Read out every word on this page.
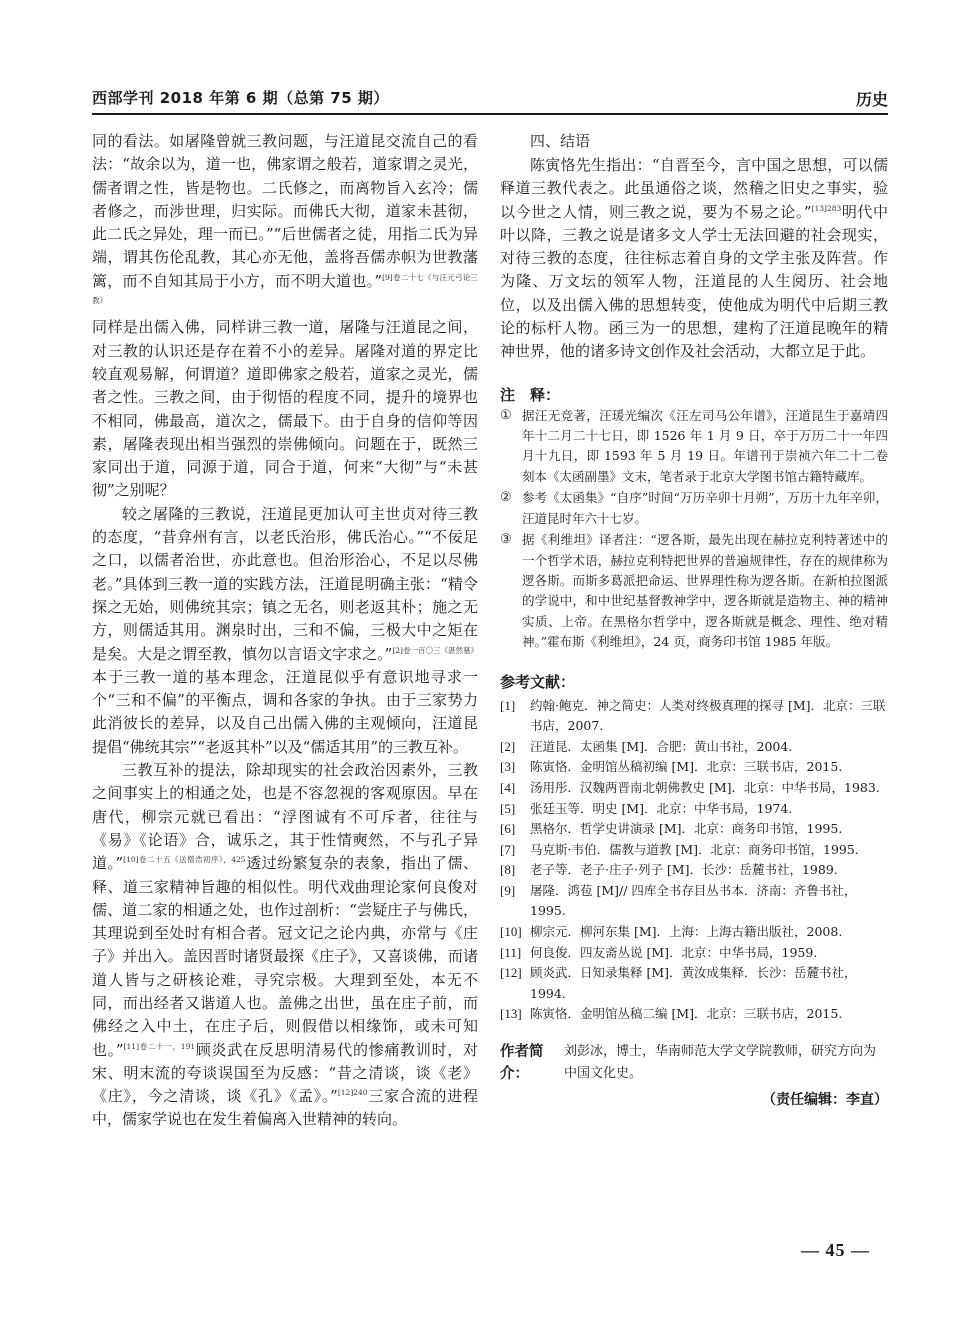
西部学刊 2018 年第 6 期（总第 75 期）	历史

同的看法。如屠隆曾就三教问题，与汪道昆交流自己的看法：“故余以为，道一也，佛家谓之般若，道家谓之灵光，儒者谓之性，皆是物也。二氏修之，而离物旨入玄冷；儒者修之，而涉世理，归实际。而佛氏大彻，道家未甚彻，此二氏之异处，理一而已。”“后世儒者之徒，用指二氏为异端，谓其伤伦乱教，其心亦无他，盖将吾儒赤帜为世教藩篱，而不自知其局于小方，而不明大道也。”$^{[9]卷二十七《与汪元弓论三教》}$

同样是出儒入佛，同样讲三教一道，屠隆与汪道昆之间，对三教的认识还是存在着不小的差异。屠隆对道的界定比较直观易解，何谓道？道即佛家之般若，道家之灵光，儒者之性。三教之间，由于彻悟的程度不同，提升的境界也不相同，佛最高，道次之，儒最下。由于自身的信仰等因素，屠隆表现出相当强烈的崇佛倾向。问题在于，既然三家同出于道，同源于道，同合于道，何来“大彻”与“未甚彻”之别呢？

较之屠隆的三教说，汪道昆更加认可主世贞对待三教的态度，“昔弇州有言，以老氏治形，佛氏治心。”“不佞足之口，以儒者治世，亦此意也。但治形治心，不足以尽佛老。”具体到三教一道的实践方法，汪道昆明确主张：“精令探之无始，则佛统其宗；镇之无名，则老返其朴；施之无方，则儒适其用。渊泉时出，三和不偏，三极大中之矩在是矣。大是之谓至教，慎勿以言语文字求之。”$^{[2]卷一百〇三《湛然墓》}$本于三教一道的基本理念，汪道昆似乎有意识地寻求一个“三和不偏”的平衡点，调和各家的争执。由于三家势力此消彼长的差异，以及自己出儒入佛的主观倾向，汪道昆提倡“佛统其宗”“老返其朴”以及“儒适其用”的三教互补。

三教互补的提法，除却现实的社会政治因素外，三教之间事实上的相通之处，也是不容忽视的客观原因。早在唐代，柳宗元就已看出：“浮图诚有不可斥者，往往与《易》《论语》合，诚乐之，其于性情奭然，不与孔子异道。”$^{[10]卷二十五《送僧浩初序》,425}$透过纷繁复杂的表象，指出了儒、释、道三家精神旨趣的相似性。明代戏曲理论家何良俊对儒、道二家的相通之处，也作过剖析：“尝疑庄子与佛氏，其理说到至处时有相合者。冠文记之论内典，亦常与《庄子》并出入。盖因晋时诸贤最探《庄子》，又喜谈佛，而诸道人皆与之研核论难，寻究宗极。大理到至处，本无不同，而出经者又谐道人也。盖佛之出世，虽在庄子前，而佛经之入中土，在庄子后，则假借以相缘饰，或未可知也。”$^{[11]卷二十一,191}$顾炎武在反思明清易代的惨痛教训时，对宋、明末流的夸谈误国至为反感：“昔之清谈，谈《老》《庄》，今之清谈，谈《孔》《孟》。”$^{[12]240}$三家合流的进程中，儒家学说也在发生着偏离入世精神的转向。

四、结语

陈寅恪先生指出：“自晋至今，言中国之思想，可以儒释道三教代表之。此虽通俗之谈，然稽之旧史之事实，验以今世之人情，则三教之说，要为不易之论。”$^{[13]283}$明代中叶以降，三教之说是诸多文人学士无法回避的社会现实，对待三教的态度，往往标志着自身的文学主张及阵营。作为隆、万文坛的领军人物，汪道昆的人生阅历、社会地位，以及出儒入佛的思想转变，使他成为明代中后期三教论的标杆人物。函三为一的思想，建构了汪道昆晚年的精神世界，他的诸多诗文创作及社会活动，大都立足于此。

注　释：
① 据汪无竞著，汪瑗光编次《汪左司马公年谱》，汪道昆生于嘉靖四年十二月二十七日，即 1526 年 1 月 9 日，卒于万历二十一年四月十九日，即 1593 年 5 月 19 日。年谱刊于崇祯六年二十二卷刻本《太函副墨》文末，笔者录于北京大学图书馆古籍特藏库。
② 参考《太函集》“自序”时间“万历辛卯十月朔”，万历十九年辛卯，汪道昆时年六十七岁。
③ 据《利维坦》译者注：“逻各斯，最先出现在赫拉克利特著述中的一个哲学术语，赫拉克利特把世界的普遍规律性，存在的规律称为逻各斯。而斯多葛派把命运、世界理性称为逻各斯。在新柏拉图派的学说中，和中世纪基督教神学中，逻各斯就是造物主、神的精神实质、上帝。在黑格尔哲学中，逻各斯就是概念、理性、绝对精神。”霍布斯《利维坦》，24 页，商务印书馆 1985 年版。
参考文献：
[1]	约翰·鲍克．神之简史：人类对终极真理的探寻 [M]．北京：三联书店，2007.
[2]	汪道昆．太函集 [M]．合肥：黄山书社，2004.
[3]	陈寅恪．金明馆丛稿初编 [M]．北京：三联书店，2015.
[4]	汤用彤．汉魏两晋南北朝佛教史 [M]．北京：中华书局，1983.
[5]	张廷玉等．明史 [M]．北京：中华书局，1974.
[6]	黑格尔．哲学史讲演录 [M]．北京：商务印书馆，1995.
[7]	马克斯·韦伯．儒教与道教 [M]．北京：商务印书馆，1995.
[8]	老子等．老子·庄子·列子 [M]．长沙：岳麓书社，1989.
[9]	屠隆．鸿苞 [M]// 四库全书存目丛书本．济南：齐鲁书社，1995.
[10] 柳宗元．柳河东集 [M]．上海：上海古籍出版社，2008.
[11] 何良俊．四友斋丛说 [M]．北京：中华书局，1959.
[12] 顾炎武．日知录集释 [M]．黄汝成集释．长沙：岳麓书社，1994.
[13] 陈寅恪．金明馆丛稿二编 [M]．北京：三联书店，2015.
作者简介：
刘彭冰，博士，华南师范大学文学院教师，研究方向为中国文化史。
（责任编辑：李直）
— 45 —
